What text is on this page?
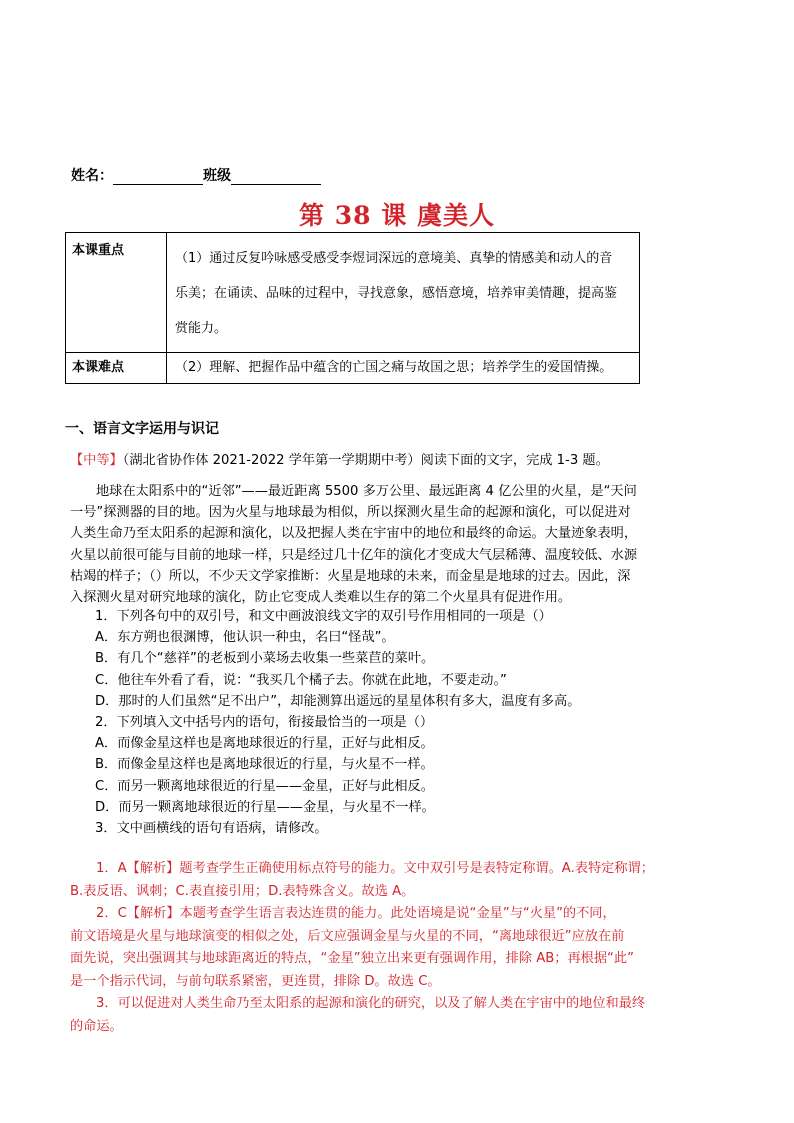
姓名：	班级
第 38 课 虞美人
本课重点	（1）通过反复吟咏感受感受李煜词深远的意境美、真挚的情感美和动人的音
乐美；在诵读、品味的过程中，寻找意象，感悟意境，培养审美情趣，提高鉴
赏能力。

本课难点	（2）理解、把握作品中蕴含的亡国之痛与故国之思；培养学生的爱国情操。
一、语言文字运用与识记
【中等】（湖北省协作体 2021-2022 学年第一学期期中考）阅读下面的文字，完成 1-3 题。
地球在太阳系中的“近邻”——最近距离 5500 多万公里、最远距离 4 亿公里的火星，是“天问
一号”探测器的目的地。因为火星与地球最为相似，所以探测火星生命的起源和演化，可以促进对
人类生命乃至太阳系的起源和演化，以及把握人类在宇宙中的地位和最终的命运。大量迹象表明，
火星以前很可能与目前的地球一样，只是经过几十亿年的演化才变成大气层稀薄、温度较低、水源
枯竭的样子；（）所以，不少天文学家推断：火星是地球的未来，而金星是地球的过去。因此，深
入探测火星对研究地球的演化，防止它变成人类难以生存的第二个火星具有促进作用。
1．下列各句中的双引号，和文中画波浪线文字的双引号作用相同的一项是（）
A．东方朔也很渊博，他认识一种虫，名曰“怪哉”。
B．有几个“慈祥”的老板到小菜场去收集一些菜苣的菜叶。
C．他往车外看了看，说：“我买几个橘子去。你就在此地，不要走动。”
D．那时的人们虽然“足不出户”，却能测算出遥远的星星体积有多大，温度有多高。
2．下列填入文中括号内的语句，衔接最恰当的一项是（）
A．而像金星这样也是离地球很近的行星，正好与此相反。
B．而像金星这样也是离地球很近的行星，与火星不一样。
C．而另一颗离地球很近的行星——金星，正好与此相反。
D．而另一颗离地球很近的行星——金星，与火星不一样。
3．文中画横线的语句有语病，请修改。
1．A【解析】题考查学生正确使用标点符号的能力。文中双引号是表特定称谓。A.表特定称谓；
B.表反语、讽刺；C.表直接引用；D.表特殊含义。故选 A。
2．C【解析】本题考查学生语言表达连贯的能力。此处语境是说“金星”与“火星”的不同，
前文语境是火星与地球演变的相似之处，后文应强调金星与火星的不同，“离地球很近”应放在前
面先说，突出强调其与地球距离近的特点，“金星”独立出来更有强调作用，排除 AB；再根据“此”
是一个指示代词，与前句联系紧密，更连贯，排除 D。故选 C。
3．可以促进对人类生命乃至太阳系的起源和演化的研究，以及了解人类在宇宙中的地位和最终
的命运。
